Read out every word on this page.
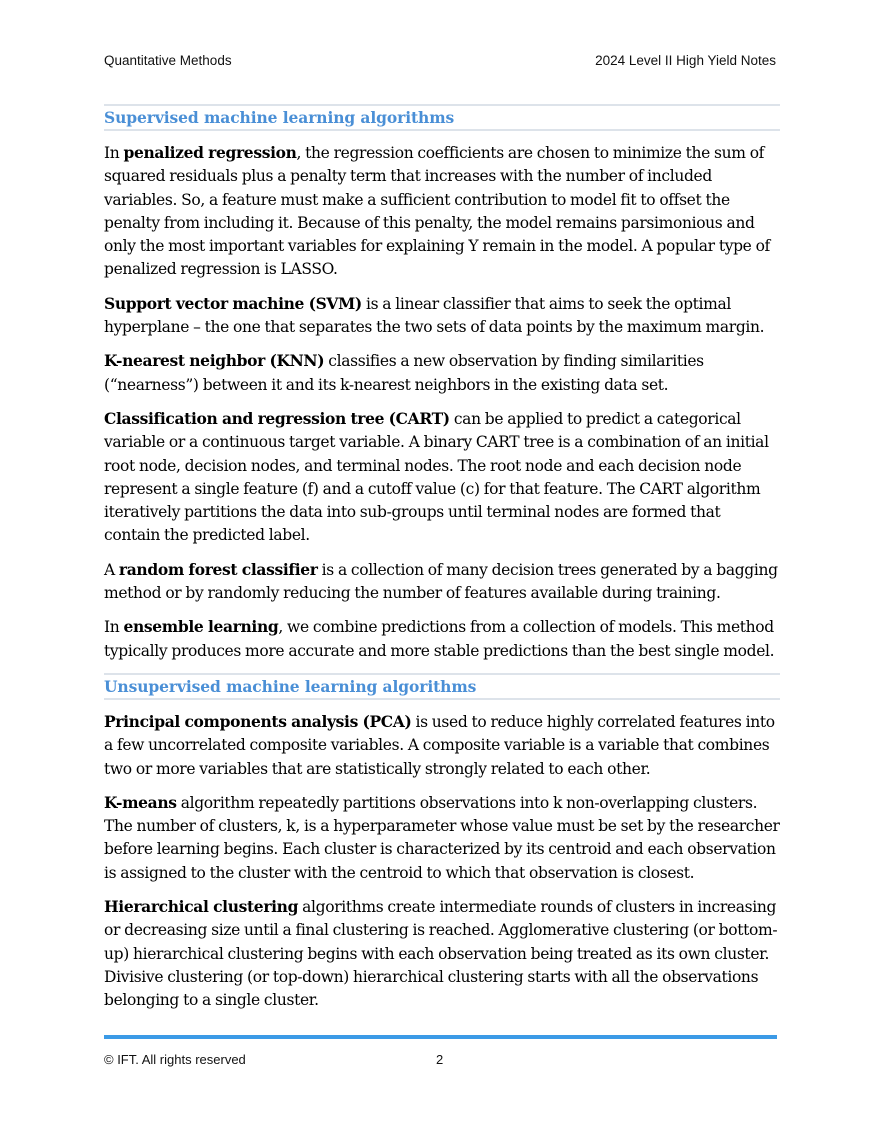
Quantitative Methods	2024 Level II High Yield Notes
Supervised machine learning algorithms

In penalized regression, the regression coefficients are chosen to minimize the sum of squared residuals plus a penalty term that increases with the number of included variables. So, a feature must make a sufficient contribution to model fit to offset the penalty from including it. Because of this penalty, the model remains parsimonious and only the most important variables for explaining Y remain in the model. A popular type of penalized regression is LASSO.

Support vector machine (SVM) is a linear classifier that aims to seek the optimal hyperplane – the one that separates the two sets of data points by the maximum margin.

K-nearest neighbor (KNN) classifies a new observation by finding similarities (“nearness”) between it and its k-nearest neighbors in the existing data set.

Classification and regression tree (CART) can be applied to predict a categorical variable or a continuous target variable. A binary CART tree is a combination of an initial root node, decision nodes, and terminal nodes. The root node and each decision node represent a single feature (f) and a cutoff value (c) for that feature. The CART algorithm iteratively partitions the data into sub-groups until terminal nodes are formed that contain the predicted label.

A random forest classifier is a collection of many decision trees generated by a bagging method or by randomly reducing the number of features available during training.

In ensemble learning, we combine predictions from a collection of models. This method typically produces more accurate and more stable predictions than the best single model.

Unsupervised machine learning algorithms

Principal components analysis (PCA) is used to reduce highly correlated features into a few uncorrelated composite variables. A composite variable is a variable that combines two or more variables that are statistically strongly related to each other.

K-means algorithm repeatedly partitions observations into k non-overlapping clusters. The number of clusters, k, is a hyperparameter whose value must be set by the researcher before learning begins. Each cluster is characterized by its centroid and each observation is assigned to the cluster with the centroid to which that observation is closest.

Hierarchical clustering algorithms create intermediate rounds of clusters in increasing or decreasing size until a final clustering is reached. Agglomerative clustering (or bottom-up) hierarchical clustering begins with each observation being treated as its own cluster. Divisive clustering (or top-down) hierarchical clustering starts with all the observations belonging to a single cluster.

© IFT. All rights reserved	2
